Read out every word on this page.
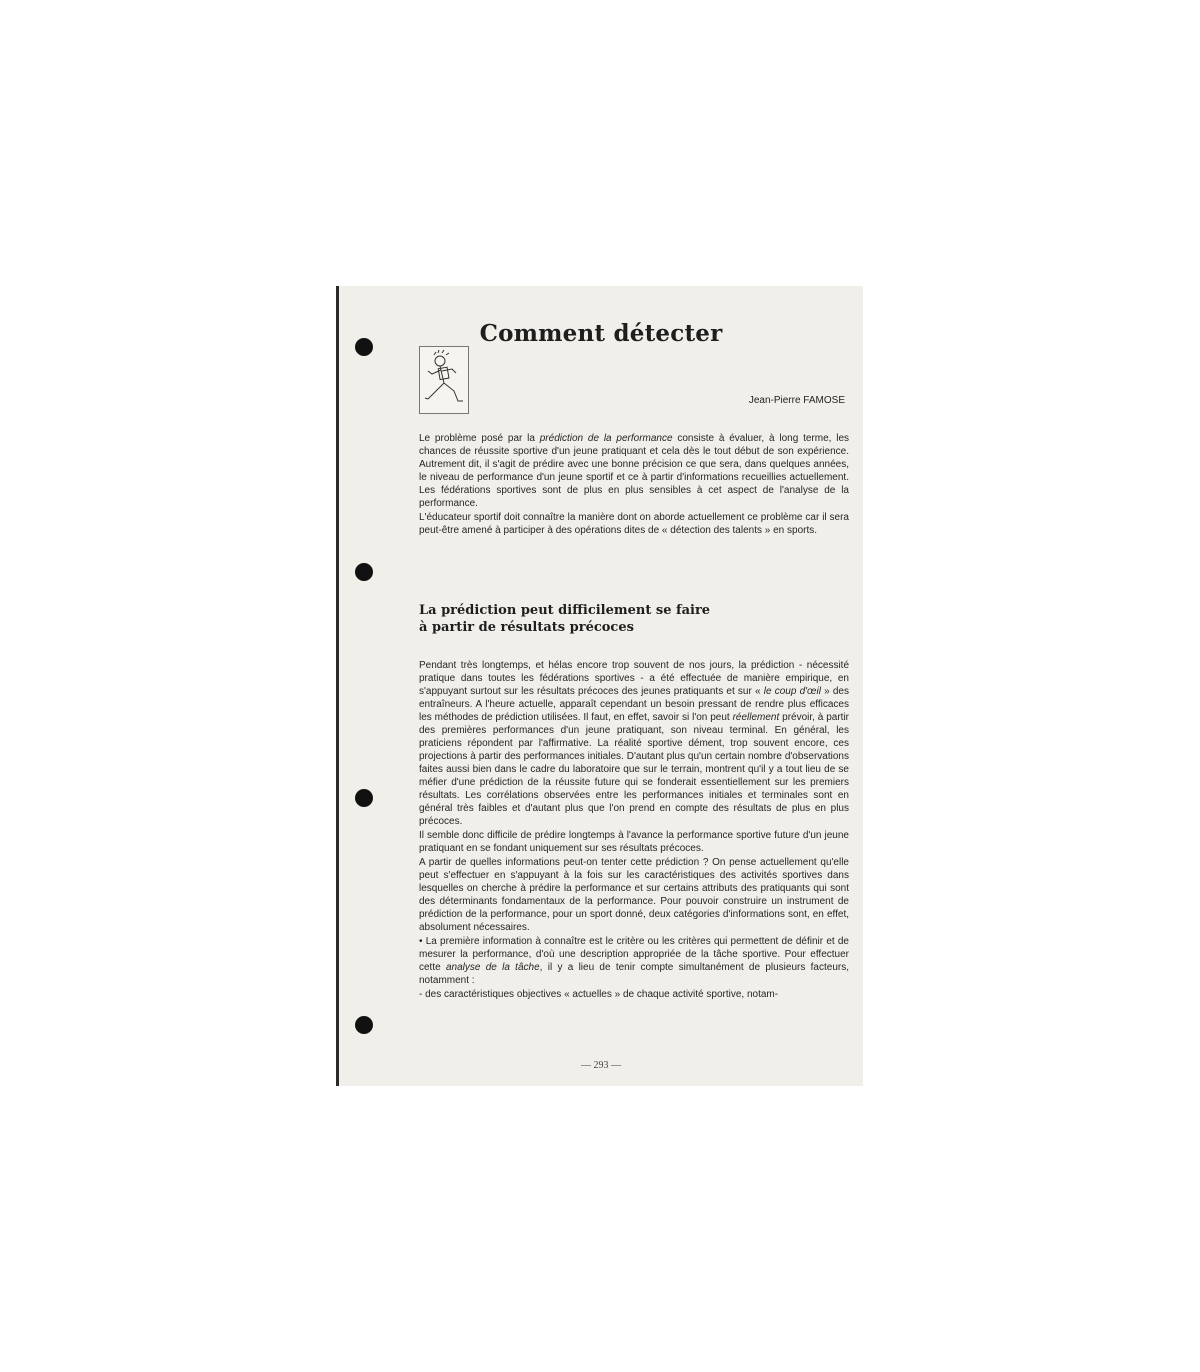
Comment détecter
Jean-Pierre FAMOSE

Le problème posé par la prédiction de la performance consiste à évaluer, à long terme, les chances de réussite sportive d'un jeune pratiquant et cela dès le tout début de son expérience. Autrement dit, il s'agit de prédire avec une bonne précision ce que sera, dans quelques années, le niveau de performance d'un jeune sportif et ce à partir d'informations recueillies actuellement. Les fédérations sportives sont de plus en plus sensibles à cet aspect de l'analyse de la performance.

L'éducateur sportif doit connaître la manière dont on aborde actuellement ce problème car il sera peut-être amené à participer à des opérations dites de « détection des talents » en sports.

La prédiction peut difficilement se faire
à partir de résultats précoces

Pendant très longtemps, et hélas encore trop souvent de nos jours, la prédiction - nécessité pratique dans toutes les fédérations sportives - a été effectuée de manière empirique, en s'appuyant surtout sur les résultats précoces des jeunes pratiquants et sur « le coup d'œil » des entraîneurs. A l'heure actuelle, apparaît cependant un besoin pressant de rendre plus efficaces les méthodes de prédiction utilisées. Il faut, en effet, savoir si l'on peut réellement prévoir, à partir des premières performances d'un jeune pratiquant, son niveau terminal. En général, les praticiens répondent par l'affirmative. La réalité sportive dément, trop souvent encore, ces projections à partir des performances initiales. D'autant plus qu'un certain nombre d'observations faites aussi bien dans le cadre du laboratoire que sur le terrain, montrent qu'il y a tout lieu de se méfier d'une prédiction de la réussite future qui se fonderait essentiellement sur les premiers résultats. Les corrélations observées entre les performances initiales et terminales sont en général très faibles et d'autant plus que l'on prend en compte des résultats de plus en plus précoces.

Il semble donc difficile de prédire longtemps à l'avance la performance sportive future d'un jeune pratiquant en se fondant uniquement sur ses résultats précoces.

A partir de quelles informations peut-on tenter cette prédiction ? On pense actuellement qu'elle peut s'effectuer en s'appuyant à la fois sur les caractéristiques des activités sportives dans lesquelles on cherche à prédire la performance et sur certains attributs des pratiquants qui sont des déterminants fondamentaux de la performance. Pour pouvoir construire un instrument de prédiction de la performance, pour un sport donné, deux catégories d'informations sont, en effet, absolument nécessaires.

• La première information à connaître est le critère ou les critères qui permettent de définir et de mesurer la performance, d'où une description appropriée de la tâche sportive. Pour effectuer cette analyse de la tâche, il y a lieu de tenir compte simultanément de plusieurs facteurs, notamment :

- des caractéristiques objectives « actuelles » de chaque activité sportive, notam-

— 293 —
